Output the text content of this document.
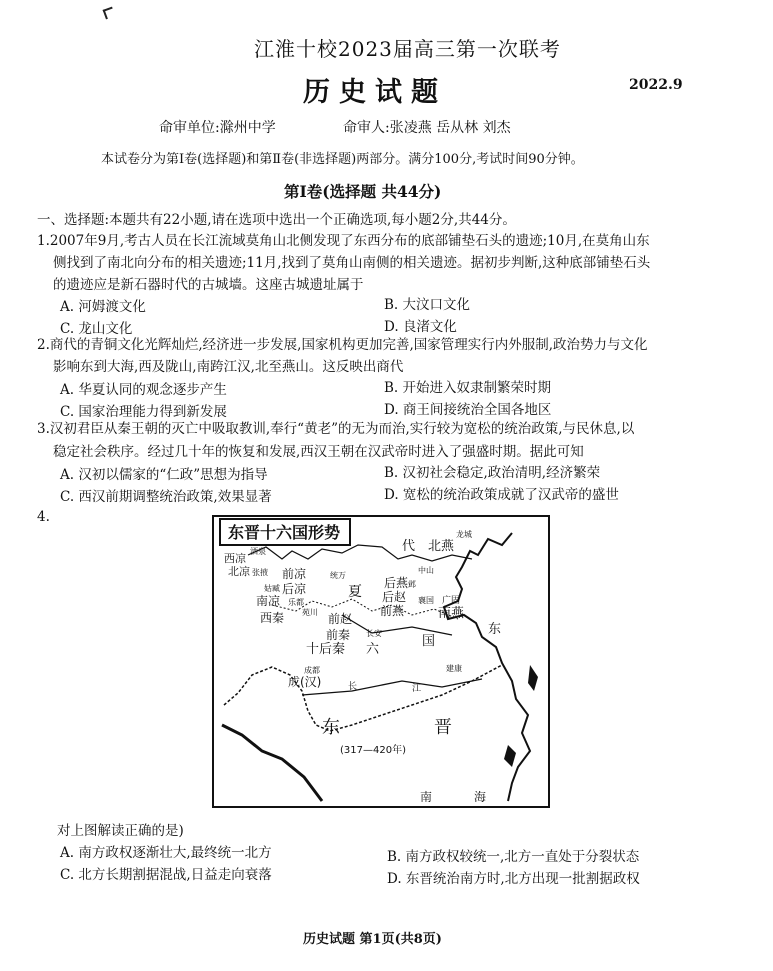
江淮十校2023届高三第一次联考
历史试题	2022.9
命审单位:滁州中学	命审人:张凌燕 岳从林 刘杰
本试卷分为第Ⅰ卷(选择题)和第Ⅱ卷(非选择题)两部分。满分100分,考试时间90分钟。
第Ⅰ卷(选择题 共44分)
一、选择题:本题共有22小题,请在选项中选出一个正确选项,每小题2分,共44分。
1.2007年9月,考古人员在长江流域莫角山北侧发现了东西分布的底部铺垫石头的遗迹;10月,在莫角山东
侧找到了南北向分布的相关遗迹;11月,找到了莫角山南侧的相关遗迹。据初步判断,这种底部铺垫石头
的遗迹应是新石器时代的古城墙。这座古城遗址属于
A. 河姆渡文化	B. 大汶口文化
C. 龙山文化	D. 良渚文化
2.商代的青铜文化光辉灿烂,经济进一步发展,国家机构更加完善,国家管理实行内外服制,政治势力与文化
影响东到大海,西及陇山,南跨江汉,北至燕山。这反映出商代
A. 华夏认同的观念逐步产生	B. 开始进入奴隶制繁荣时期
C. 国家治理能力得到新发展	D. 商王间接统治全国各地区
3.汉初君臣从秦王朝的灭亡中吸取教训,奉行“黄老”的无为而治,实行较为宽松的统治政策,与民休息,以
稳定社会秩序。经过几十年的恢复和发展,西汉王朝在汉武帝时进入了强盛时期。据此可知
A. 汉初以儒家的“仁政”思想为指导	B. 汉初社会稳定,政治清明,经济繁荣
C. 西汉前期调整统治政策,效果显著	D. 宽松的统治政策成就了汉武帝的盛世
4.
东晋十六国形势
西凉
酒泉
张掖
北凉	前凉
后凉
姑臧
南凉 乐都
西秦 苑川
统万
夏
前赵
前秦 长安
十后秦 六
成都
成(汉)	长
代 北燕
龙城
中山
后燕 邺
后赵	广固
前燕	南燕
襄国
东
国
建康
江
东	晋
南	海
(317—420年)
对上图解读正确的是)
A. 南方政权逐渐壮大,最终统一北方	B. 南方政权较统一,北方一直处于分裂状态
C. 北方长期割据混战,日益走向衰落	D. 东晋统治南方时,北方出现一批割据政权
历史试题 第1页(共8页)
